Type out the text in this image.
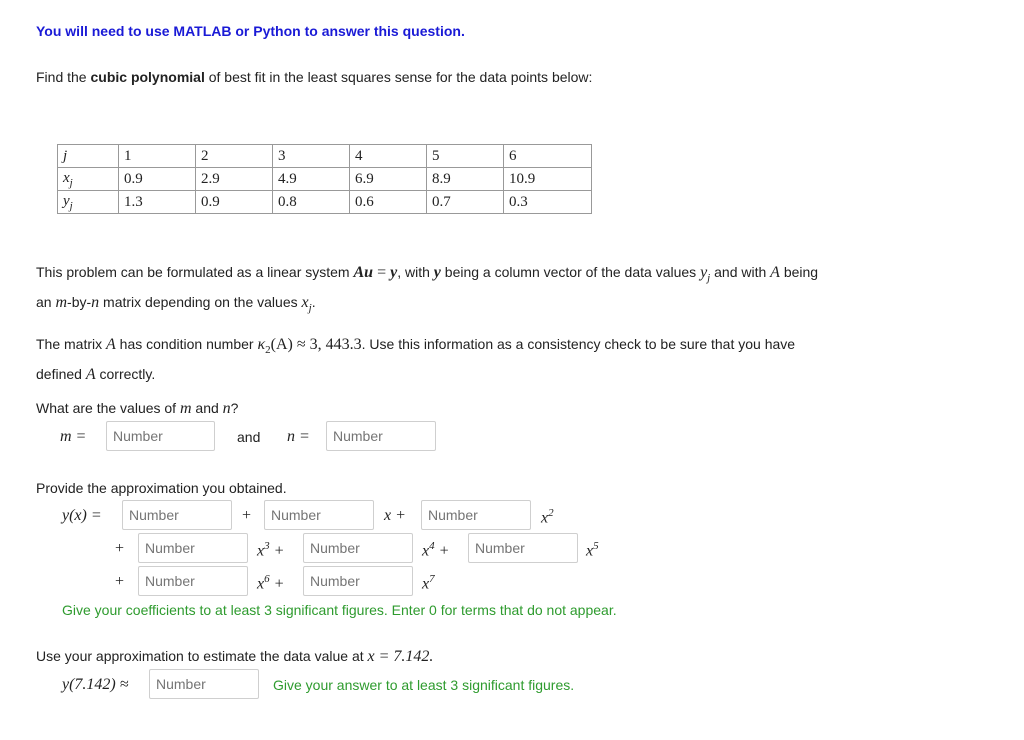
You will need to use MATLAB or Python to answer this question.
Find the cubic polynomial of best fit in the least squares sense for the data points below:
j	1	2	3	4	5	6
$x_j$	0.9	2.9	4.9	6.9	8.9	10.9
$y_j$	1.3	0.9	0.8	0.6	0.7	0.3
This problem can be formulated as a linear system Au = y, with y being a column vector of the data values $y_j$ and with A being
an m-by-n matrix depending on the values $x_j$.
The matrix A has condition number $\kappa_2(A) \approx 3$, 443.3. Use this information as a consistency check to be sure that you have
defined A correctly.
What are the values of m and n?
m =
Number	and n =
Number
Provide the approximation you obtained.
y(x) =
Number	+
Number	x +
Number	$x^2$
+
Number	$x^3$ +
Number	$x^4$ +
Number	$x^5$
+
Number	$x^6$ +
Number	$x^7$
Give your coefficients to at least 3 significant figures. Enter 0 for terms that do not appear.
Use your approximation to estimate the data value at x = 7.142.
y(7.142) ≈
Number	Give your answer to at least 3 significant figures.
